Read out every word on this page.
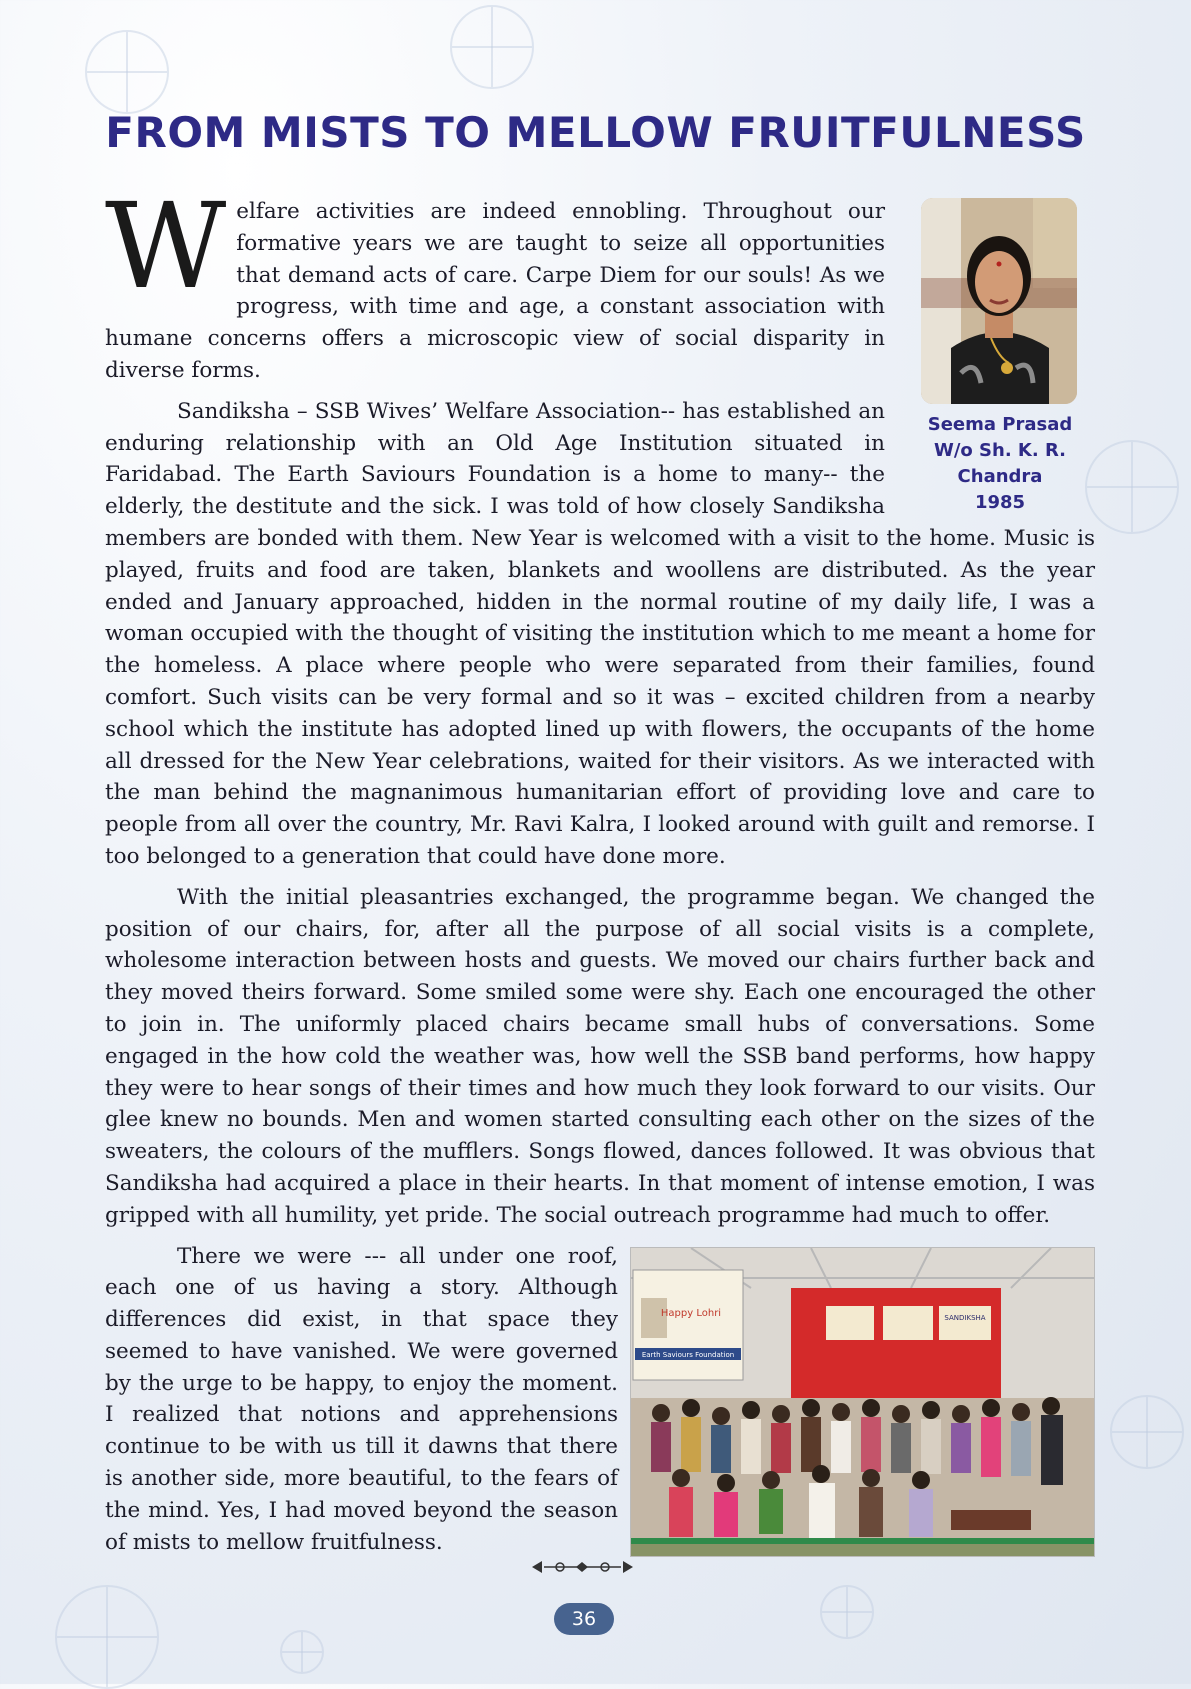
FROM MISTS TO MELLOW FRUITFULNESS
Seema Prasad
W/o Sh. K. R. Chandra
1985

Welfare activities are indeed ennobling. Throughout our formative years we are taught to seize all opportunities that demand acts of care. Carpe Diem for our souls! As we progress, with time and age, a constant association with humane concerns offers a microscopic view of social disparity in diverse forms.

Sandiksha – SSB Wives’ Welfare Association-- has established an enduring relationship with an Old Age Institution situated in Faridabad. The Earth Saviours Foundation is a home to many-- the elderly, the destitute and the sick. I was told of how closely Sandiksha members are bonded with them. New Year is welcomed with a visit to the home. Music is played, fruits and food are taken, blankets and woollens are distributed. As the year ended and January approached, hidden in the normal routine of my daily life, I was a woman occupied with the thought of visiting the institution which to me meant a home for the homeless. A place where people who were separated from their families, found comfort. Such visits can be very formal and so it was – excited children from a nearby school which the institute has adopted lined up with flowers, the occupants of the home all dressed for the New Year celebrations, waited for their visitors. As we interacted with the man behind the magnanimous humanitarian effort of providing love and care to people from all over the country, Mr. Ravi Kalra, I looked around with guilt and remorse. I too belonged to a generation that could have done more.

With the initial pleasantries exchanged, the programme began. We changed the position of our chairs, for, after all the purpose of all social visits is a complete, wholesome interaction between hosts and guests. We moved our chairs further back and they moved theirs forward. Some smiled some were shy. Each one encouraged the other to join in. The uniformly placed chairs became small hubs of conversations. Some engaged in the how cold the weather was, how well the SSB band performs, how happy they were to hear songs of their times and how much they look forward to our visits. Our glee knew no bounds. Men and women started consulting each other on the sizes of the sweaters, the colours of the mufflers. Songs flowed, dances followed. It was obvious that Sandiksha had acquired a place in their hearts. In that moment of intense emotion, I was gripped with all humility, yet pride. The social outreach programme had much to offer.

SANDIKSHA
Happy Lohri
Earth Saviours Foundation

There we were --- all under one roof, each one of us having a story. Although differences did exist, in that space they seemed to have vanished. We were governed by the urge to be happy, to enjoy the moment. I realized that notions and apprehensions continue to be with us till it dawns that there is another side, more beautiful, to the fears of the mind. Yes, I had moved beyond the season of mists to mellow fruitfulness.

36
